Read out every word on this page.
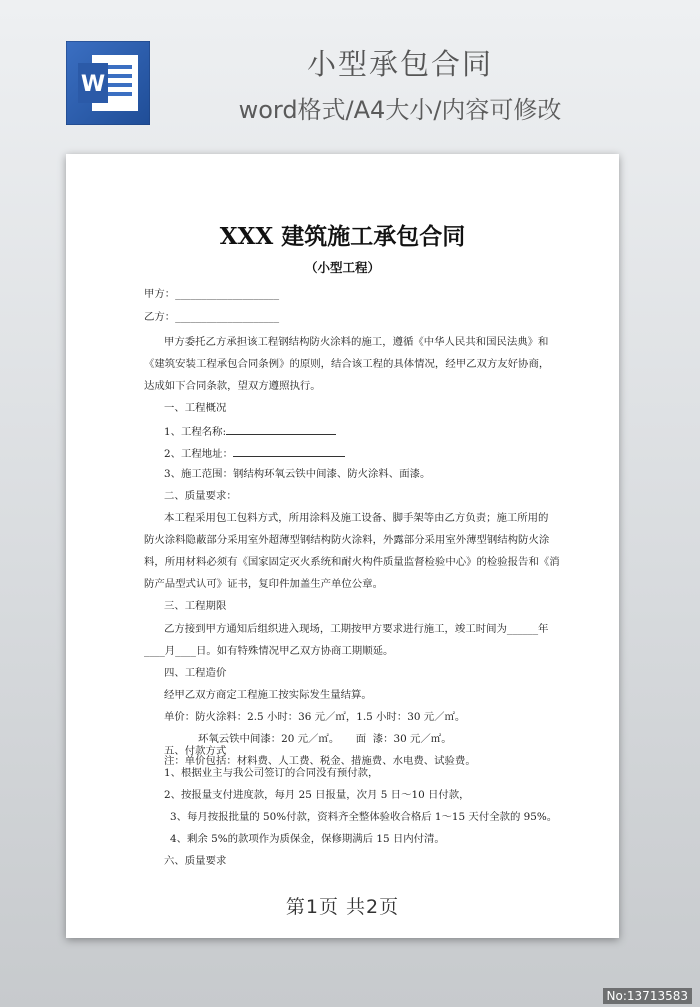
W
小型承包合同
word格式/A4大小/内容可修改
XXX 建筑施工承包合同
（小型工程）
甲方：____________________
乙方：____________________
甲方委托乙方承担该工程钢结构防火涂料的施工，遵循《中华人民共和国民法典》和
《建筑安装工程承包合同条例》的原则，结合该工程的具体情况，经甲乙双方友好协商，
达成如下合同条款，望双方遵照执行。
一、工程概况
1、工程名称:
2、工程地址：
3、施工范围：钢结构环氧云铁中间漆、防火涂料、面漆。
二、质量要求：
本工程采用包工包料方式，所用涂料及施工设备、脚手架等由乙方负责；施工所用的
防火涂料隐蔽部分采用室外超薄型钢结构防火涂料，外露部分采用室外薄型钢结构防火涂
料，所用材料必须有《国家固定灭火系统和耐火构件质量监督检验中心》的检验报告和《消
防产品型式认可》证书，复印件加盖生产单位公章。
三、工程期限
乙方接到甲方通知后组织进入现场，工期按甲方要求进行施工，竣工时间为______年
____月____日。如有特殊情况甲乙双方协商工期顺延。
四、工程造价
经甲乙双方商定工程施工按实际发生量结算。
单价：防火涂料：2.5 小时：36 元／㎡，1.5 小时：30 元／㎡。
环氧云铁中间漆：20 元／㎡。     面  漆：30 元／㎡。
注：单价包括：材料费、人工费、税金、措施费、水电费、试验费。
五、付款方式
1、根据业主与我公司签订的合同没有预付款，
2、按报量支付进度款，每月 25 日报量，次月 5 日～10 日付款，
3、每月按报批量的 50%付款，资料齐全整体验收合格后 1～15 天付全款的 95%。
4、剩余 5%的款项作为质保金，保修期满后 15 日内付清。
六、质量要求
第1页 共2页
No:13713583
